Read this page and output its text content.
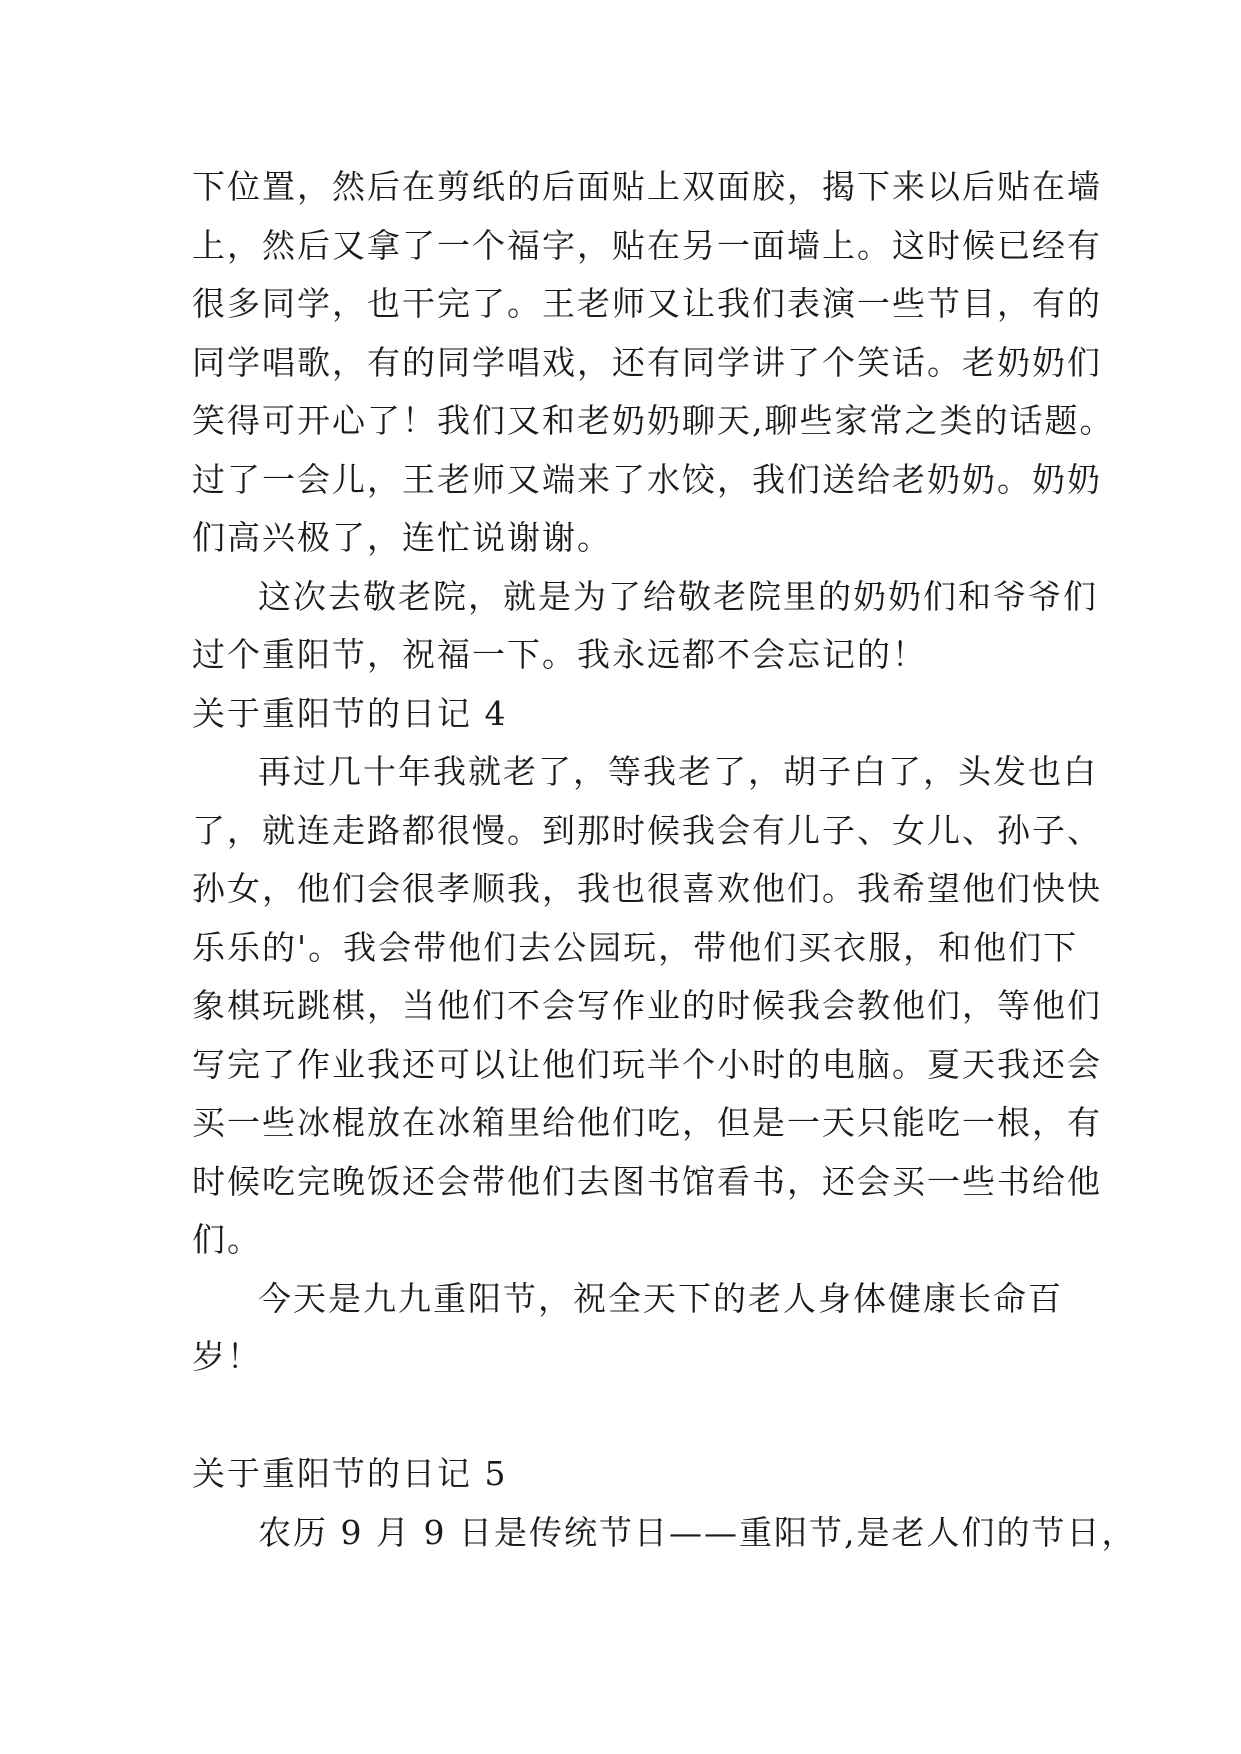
下位置，然后在剪纸的后面贴上双面胶，揭下来以后贴在墙
上，然后又拿了一个福字，贴在另一面墙上。这时候已经有
很多同学，也干完了。王老师又让我们表演一些节目，有的
同学唱歌，有的同学唱戏，还有同学讲了个笑话。老奶奶们
笑得可开心了！我们又和老奶奶聊天,聊些家常之类的话题。
过了一会儿，王老师又端来了水饺，我们送给老奶奶。奶奶
们高兴极了，连忙说谢谢。
这次去敬老院，就是为了给敬老院里的奶奶们和爷爷们
过个重阳节，祝福一下。我永远都不会忘记的！
关于重阳节的日记 4
再过几十年我就老了，等我老了，胡子白了，头发也白
了，就连走路都很慢。到那时候我会有儿子、女儿、孙子、
孙女，他们会很孝顺我，我也很喜欢他们。我希望他们快快
乐乐的'。我会带他们去公园玩，带他们买衣服，和他们下
象棋玩跳棋，当他们不会写作业的时候我会教他们，等他们
写完了作业我还可以让他们玩半个小时的电脑。夏天我还会
买一些冰棍放在冰箱里给他们吃，但是一天只能吃一根，有
时候吃完晚饭还会带他们去图书馆看书，还会买一些书给他
们。
今天是九九重阳节，祝全天下的老人身体健康长命百
岁！
关于重阳节的日记 5
农历 9 月 9 日是传统节日——重阳节,是老人们的节日，
